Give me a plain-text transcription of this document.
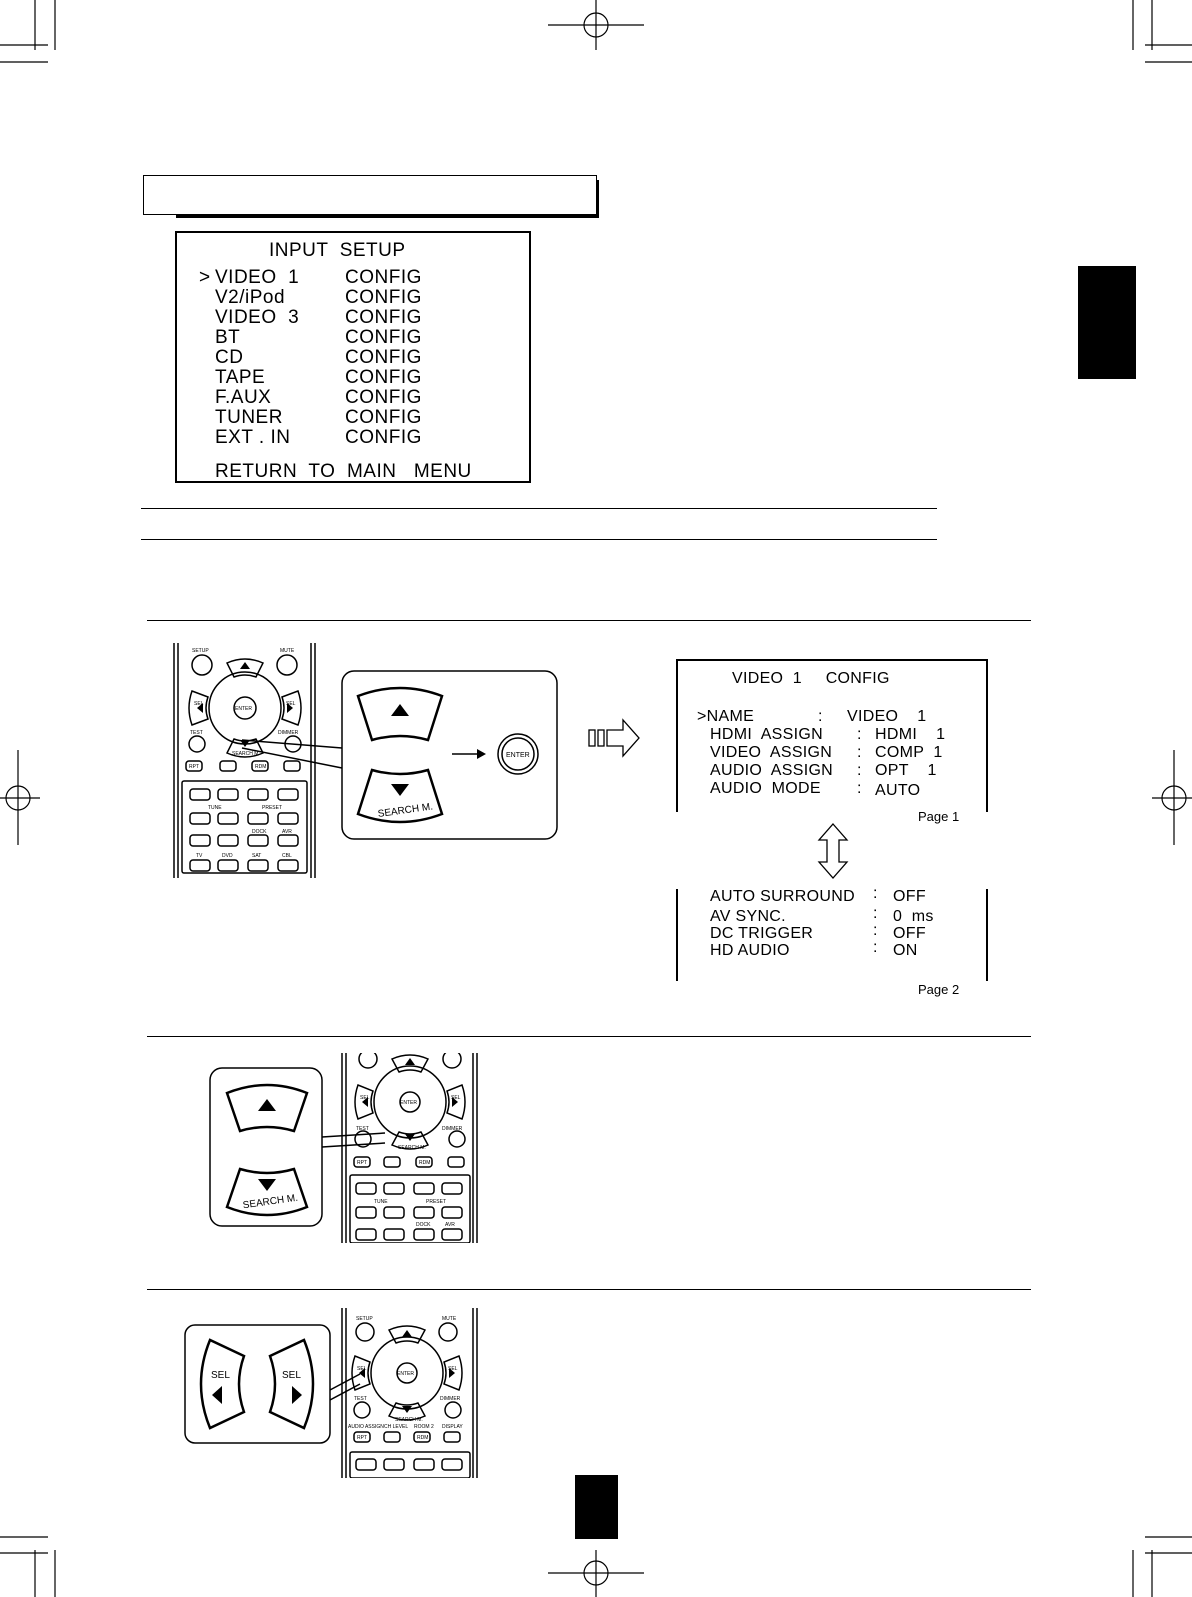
INPUT  SETUP
> VIDEO  1 CONFIG
V2/iPod	CONFIG
VIDEO  3 CONFIG
BT	CONFIG
CD	CONFIG
TAPE	CONFIG
F.AUX	CONFIG
TUNER	CONFIG
EXT . IN	CONFIG
RETURN  TO  MAIN   MENU
SETUP	MUTE
ENTER
SEL	SEL
TEST	DIMMER
SEARCH M.
RPT	RDM
TUNE	PRESET
DOCK	AVR
TV	DVD	SAT	CBL
SEARCH M.
ENTER
VIDEO  1     CONFIG
>NAME	: VIDEO    1
HDMI  ASSIGN : HDMI    1
VIDEO  ASSIGN : COMP  1
AUDIO  ASSIGN : OPT    1
AUDIO  MODE : AUTO
Page 1
AUTO SURROUND : OFF
AV SYNC.	: 0  ms
DC TRIGGER	: OFF
HD AUDIO	: ON
Page 2
ENTER
SEL	SEL
TEST	DIMMER
SEARCH M.
RPT	RDM
TUNE	PRESET
DOCK	AVR
SEARCH M.
SETUP	MUTE
ENTER
SEL	SEL
TEST	DIMMER
SEARCH M.
AUDIO ASSIGN CH LEVEL ROOM 2 DISPLAY
RPT	RDM
SEL	SEL
